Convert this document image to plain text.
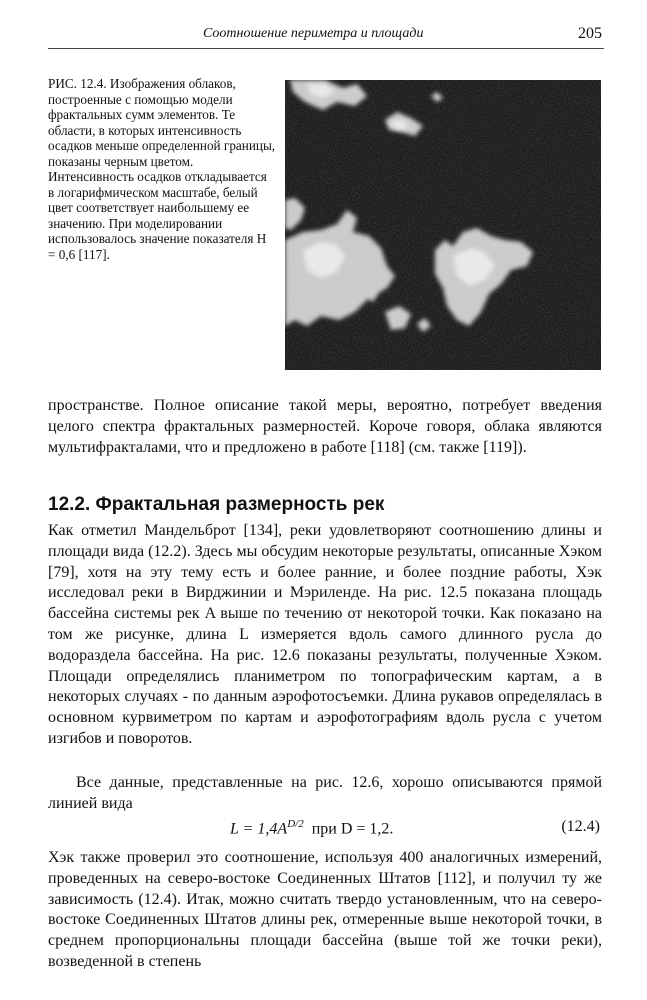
Соотношение периметра и площади	205

РИС. 12.4. Изображения облаков, построенные с помощью модели фрактальных сумм элементов. Те области, в которых интенсивность осадков меньше определенной границы, показаны черным цветом. Интенсивность осадков откладывается в логарифмическом масштабе, белый цвет соответствует наибольшему ее значению. При моделировании использовалось значение показателя H = 0,6 [117].

пространстве. Полное описание такой меры, вероятно, потребует введения целого спектра фрактальных размерностей. Короче говоря, облака являются мультифракталами, что и предложено в работе [118] (см. также [119]).

12.2. Фрактальная размерность рек

Как отметил Мандельброт [134], реки удовлетворяют соотношению длины и площади вида (12.2). Здесь мы обсудим некоторые результаты, описанные Хэком [79], хотя на эту тему есть и более ранние, и более поздние работы, Хэк исследовал реки в Вирджинии и Мэриленде. На рис. 12.5 показана площадь бассейна системы рек A выше по течению от некоторой точки. Как показано на том же рисунке, длина L измеряется вдоль самого длинного русла до водораздела бассейна. На рис. 12.6 показаны результаты, полученные Хэком. Площади определялись планиметром по топографическим картам, а в некоторых случаях - по данным аэрофотосъемки. Длина рукавов определялась в основном курвиметром по картам и аэрофотографиям вдоль русла с учетом изгибов и поворотов.

Все данные, представленные на рис. 12.6, хорошо описываются прямой линией вида

$L = 1,4A^{D/2}$ при D = 1,2.	(12.4)

Хэк также проверил это соотношение, используя 400 аналогичных измерений, проведенных на северо-востоке Соединенных Штатов [112], и получил ту же зависимость (12.4). Итак, можно считать твердо установленным, что на северо-востоке Соединенных Штатов длины рек, отмеренные выше некоторой точки, в среднем пропорциональны площади бассейна (выше той же точки реки), возведенной в степень
